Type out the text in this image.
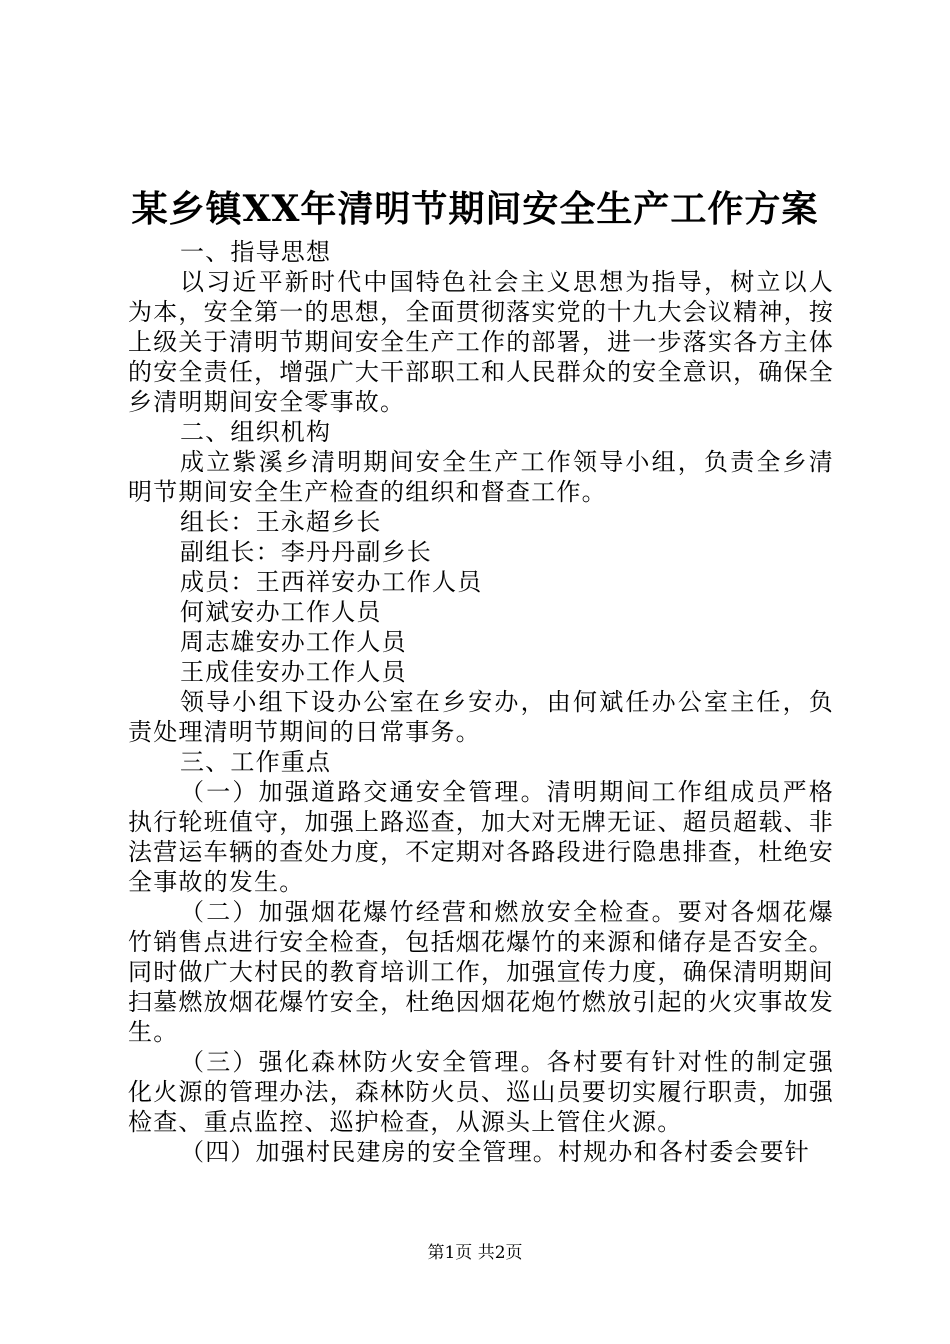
某乡镇XX年清明节期间安全生产工作方案

一、指导思想

以习近平新时代中国特色社会主义思想为指导，树立以人为本，安全第一的思想，全面贯彻落实党的十九大会议精神，按上级关于清明节期间安全生产工作的部署，进一步落实各方主体的安全责任，增强广大干部职工和人民群众的安全意识，确保全乡清明期间安全零事故。

二、组织机构

成立紫溪乡清明期间安全生产工作领导小组，负责全乡清明节期间安全生产检查的组织和督查工作。

组长：王永超乡长

副组长：李丹丹副乡长

成员：王西祥安办工作人员

何斌安办工作人员

周志雄安办工作人员

王成佳安办工作人员

领导小组下设办公室在乡安办，由何斌任办公室主任，负责处理清明节期间的日常事务。

三、工作重点

（一）加强道路交通安全管理。清明期间工作组成员严格执行轮班值守，加强上路巡查，加大对无牌无证、超员超载、非法营运车辆的查处力度，不定期对各路段进行隐患排查，杜绝安全事故的发生。

（二）加强烟花爆竹经营和燃放安全检查。要对各烟花爆竹销售点进行安全检查，包括烟花爆竹的来源和储存是否安全。同时做广大村民的教育培训工作，加强宣传力度，确保清明期间扫墓燃放烟花爆竹安全，杜绝因烟花炮竹燃放引起的火灾事故发生。

（三）强化森林防火安全管理。各村要有针对性的制定强化火源的管理办法，森林防火员、巡山员要切实履行职责，加强检查、重点监控、巡护检查，从源头上管住火源。

（四）加强村民建房的安全管理。村规办和各村委会要针

第1页 共2页
